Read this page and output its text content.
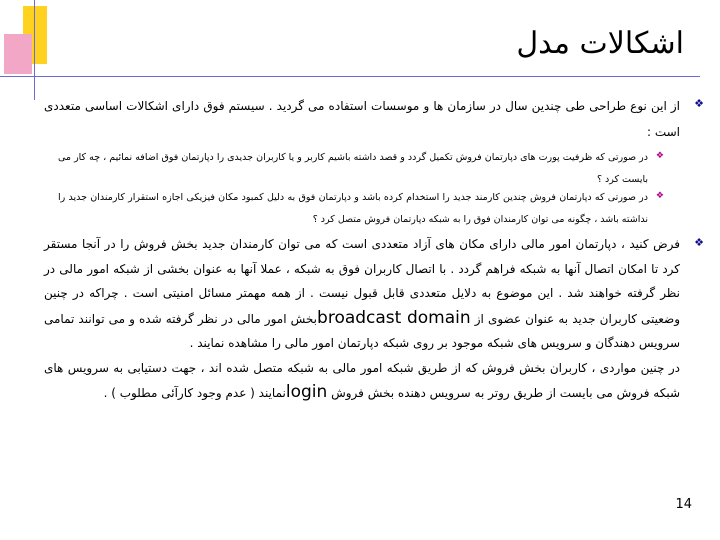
اشکالات مدل
❖
از این نوع طراحی طی چندین سال در سازمان ها و موسسات استفاده می گردید . سیستم فوق دارای اشکالات اساسی متعددی است :
❖
در صورتی که ظرفیت پورت های دپارتمان فروش تکمیل گردد و قصد داشته باشیم کاربر و یا کاربران جدیدی را دپارتمان فوق اضافه نمائیم ، چه کار می بایست کرد ؟
❖
در صورتی که دپارتمان فروش چندین کارمند جدید را استخدام کرده باشد و دپارتمان فوق به دلیل کمبود مکان فیزیکی اجازه استقرار کارمندان جدید را نداشته باشد ، چگونه می توان کارمندان فوق را به شبکه دپارتمان فروش متصل کرد ؟
❖
فرض کنید ، دپارتمان امور مالی دارای مکان های آزاد متعددی است که می توان کارمندان جدید بخش فروش را در آنجا مستقر کرد تا امکان اتصال آنها به شبکه فراهم گردد . با اتصال کاربران فوق به شبکه ، عملا آنها به عنوان بخشی از شبکه امور مالی در نظر گرفته خواهند شد . این موضوع به دلایل متعددی قابل قبول نیست . از همه مهمتر مسائل امنیتی است . چراکه در چنین وضعیتی کاربران جدید به عنوان عضوی از broadcast domainبخش امور مالی در نظر گرفته شده و می توانند تمامی سرویس دهندگان و سرویس های شبکه موجود بر روی شبکه دپارتمان امور مالی را مشاهده نمایند .
در چنین مواردی ، کاربران بخش فروش که از طریق شبکه امور مالی به شبکه متصل شده اند ، جهت دستیابی به سرویس های شبکه فروش می بایست از طریق روتر به سرویس دهنده بخش فروش loginنمایند ( عدم وجود کارآئی مطلوب ) .
14
